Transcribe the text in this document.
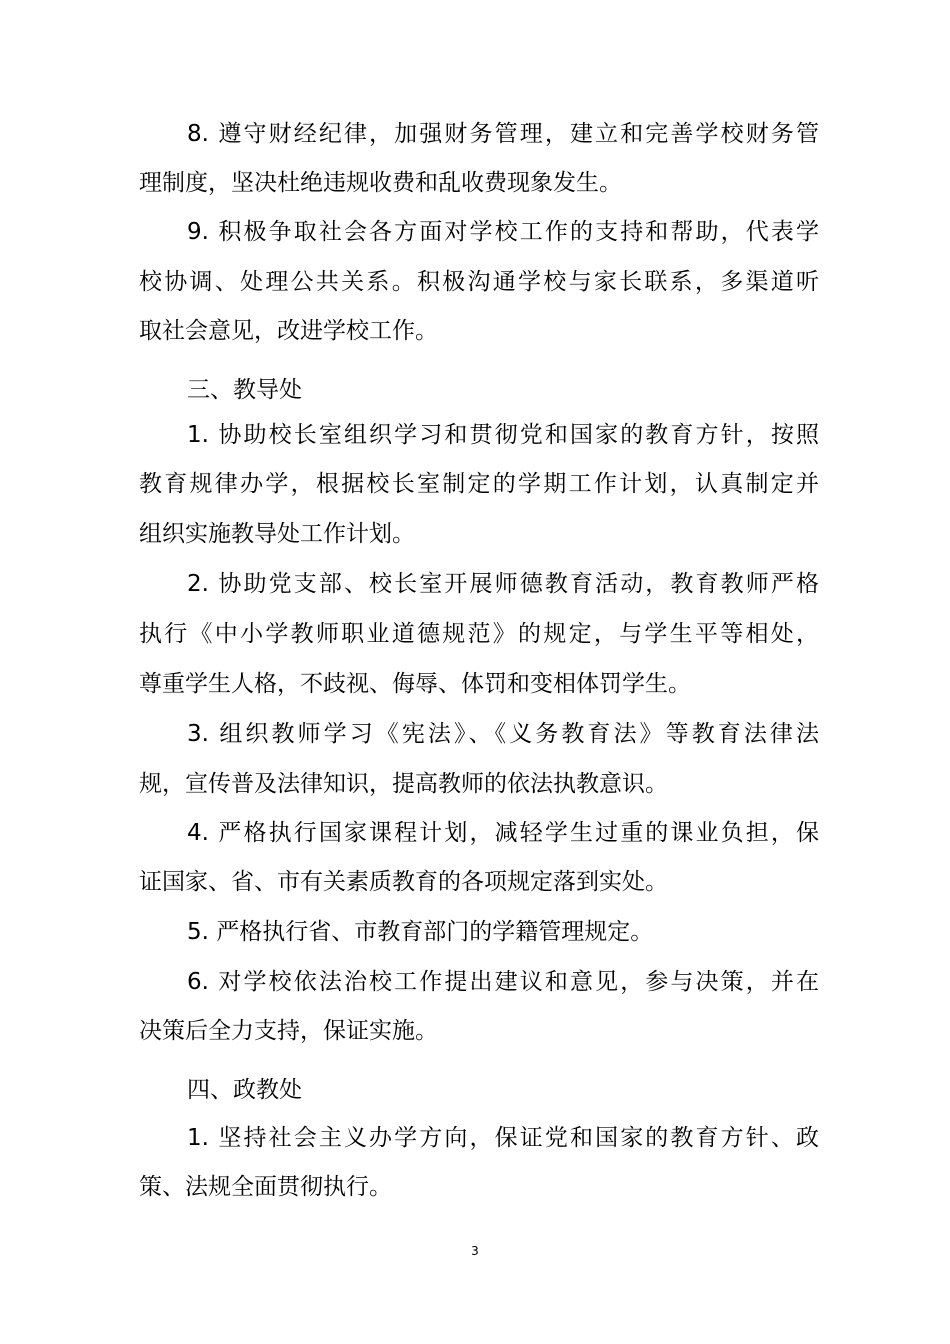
8. 遵守财经纪律，加强财务管理，建立和完善学校财务管
理制度，坚决杜绝违规收费和乱收费现象发生。
9. 积极争取社会各方面对学校工作的支持和帮助，代表学
校协调、处理公共关系。积极沟通学校与家长联系，多渠道听
取社会意见，改进学校工作。
三、教导处
1. 协助校长室组织学习和贯彻党和国家的教育方针，按照
教育规律办学，根据校长室制定的学期工作计划，认真制定并
组织实施教导处工作计划。
2. 协助党支部、校长室开展师德教育活动，教育教师严格
执行《中小学教师职业道德规范》的规定，与学生平等相处，
尊重学生人格，不歧视、侮辱、体罚和变相体罚学生。
3. 组织教师学习《宪法》、《义务教育法》等教育法律法
规，宣传普及法律知识，提高教师的依法执教意识。
4. 严格执行国家课程计划，减轻学生过重的课业负担，保
证国家、省、市有关素质教育的各项规定落到实处。
5. 严格执行省、市教育部门的学籍管理规定。
6. 对学校依法治校工作提出建议和意见，参与决策，并在
决策后全力支持，保证实施。
四、政教处
1. 坚持社会主义办学方向，保证党和国家的教育方针、政
策、法规全面贯彻执行。
3
